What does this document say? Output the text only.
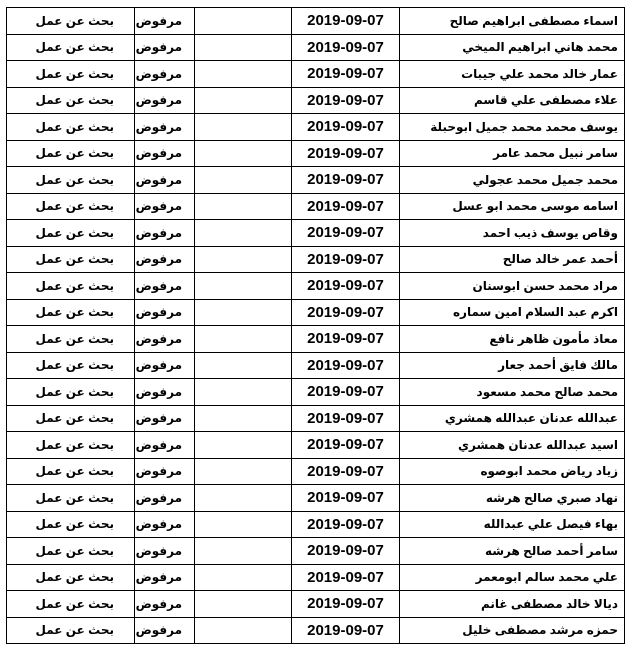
بحث عن عمل	مرفوض		2019-09-07	اسماء مصطفى ابراهيم صالح
بحث عن عمل	مرفوض		2019-09-07	محمد هاني ابراهيم الميخي
بحث عن عمل	مرفوض		2019-09-07	عمار خالد محمد علي جيبات
بحث عن عمل	مرفوض		2019-09-07	علاء مصطفى علي قاسم
بحث عن عمل	مرفوض		2019-09-07	يوسف محمد محمد جميل ابوحبلة
بحث عن عمل	مرفوض		2019-09-07	سامر نبيل محمد عامر
بحث عن عمل	مرفوض		2019-09-07	محمد جميل محمد عجولي
بحث عن عمل	مرفوض		2019-09-07	اسامه موسى محمد ابو عسل
بحث عن عمل	مرفوض		2019-09-07	وقاص يوسف ذيب احمد
بحث عن عمل	مرفوض		2019-09-07	أحمد عمر خالد صالح
بحث عن عمل	مرفوض		2019-09-07	مراد محمد حسن ابوسنان
بحث عن عمل	مرفوض		2019-09-07	اكرم عبد السلام امين سماره
بحث عن عمل	مرفوض		2019-09-07	معاذ مأمون ظاهر نافع
بحث عن عمل	مرفوض		2019-09-07	مالك فايق أحمد جعار
بحث عن عمل	مرفوض		2019-09-07	محمد صالح محمد مسعود
بحث عن عمل	مرفوض		2019-09-07	عبدالله عدنان عبدالله همشري
بحث عن عمل	مرفوض		2019-09-07	اسيد عبدالله عدنان همشري
بحث عن عمل	مرفوض		2019-09-07	زياد رياض محمد ابوصوه
بحث عن عمل	مرفوض		2019-09-07	نهاد صبري صالح هرشه
بحث عن عمل	مرفوض		2019-09-07	بهاء فيصل علي عبدالله
بحث عن عمل	مرفوض		2019-09-07	سامر أحمد صالح هرشه
بحث عن عمل	مرفوض		2019-09-07	علي محمد سالم ابومعمر
بحث عن عمل	مرفوض		2019-09-07	ديالا خالد مصطفى غانم
بحث عن عمل	مرفوض		2019-09-07	حمزه مرشد مصطفى خليل
